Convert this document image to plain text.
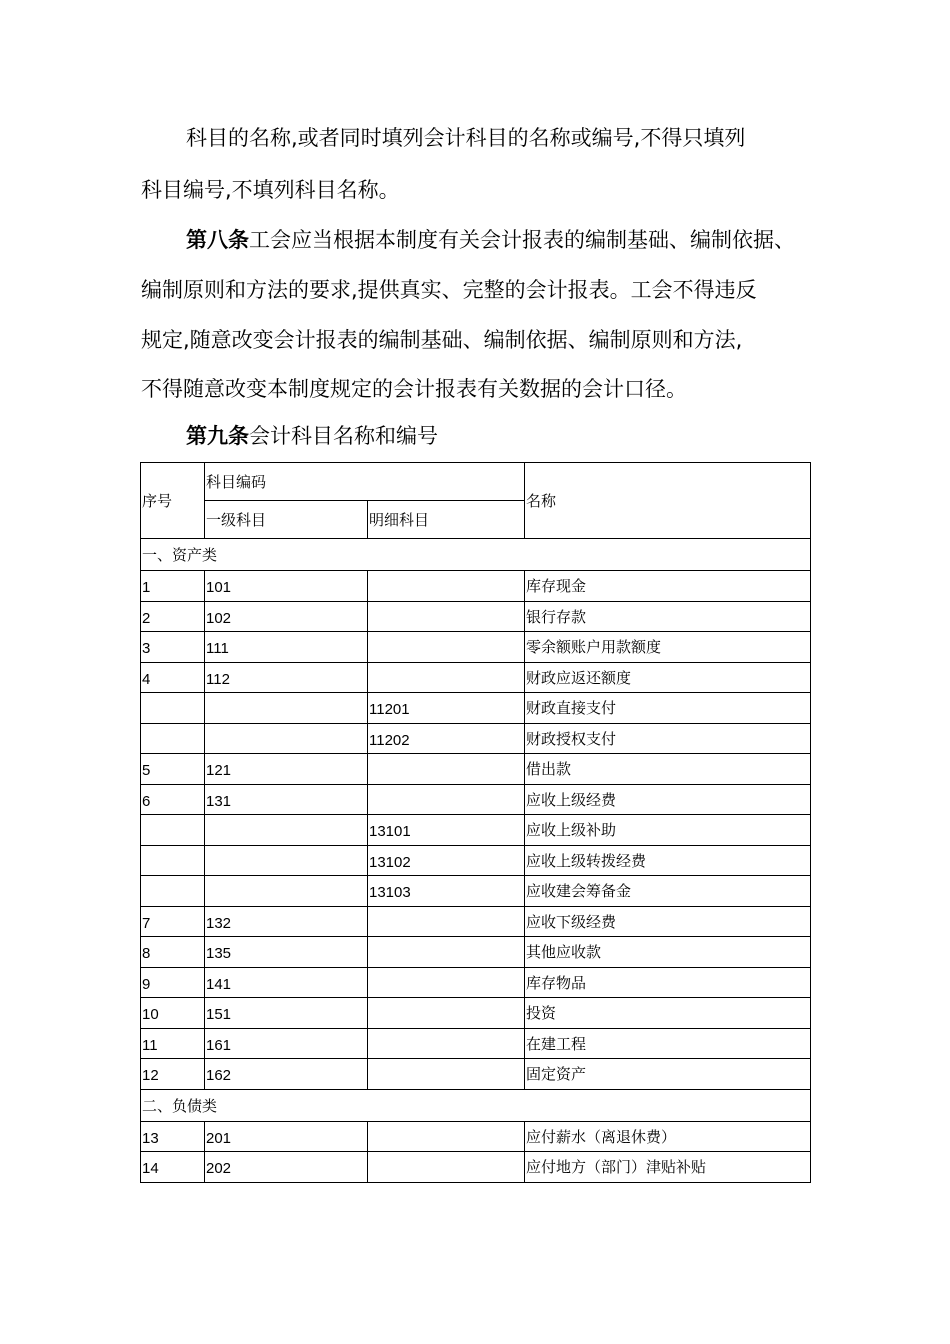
科目的名称,或者同时填列会计科目的名称或编号,不得只填列
科目编号,不填列科目名称。
第八条工会应当根据本制度有关会计报表的编制基础、编制依据、
编制原则和方法的要求,提供真实、完整的会计报表。工会不得违反
规定,随意改变会计报表的编制基础、编制依据、编制原则和方法,
不得随意改变本制度规定的会计报表有关数据的会计口径。
第九条会计科目名称和编号
序号	科目编码		名称
	一级科目	明细科目	
一、资产类			
1	101		库存现金
2	102		银行存款
3	111		零余额账户用款额度
4	112		财政应返还额度
		11201	财政直接支付
		11202	财政授权支付
5	121		借出款
6	131		应收上级经费
		13101	应收上级补助
		13102	应收上级转拨经费
		13103	应收建会筹备金
7	132		应收下级经费
8	135		其他应收款
9	141		库存物品
10	151		投资
11	161		在建工程
12	162		固定资产
二、负债类			
13	201		应付薪水（离退休费）
14	202		应付地方（部门）津贴补贴
